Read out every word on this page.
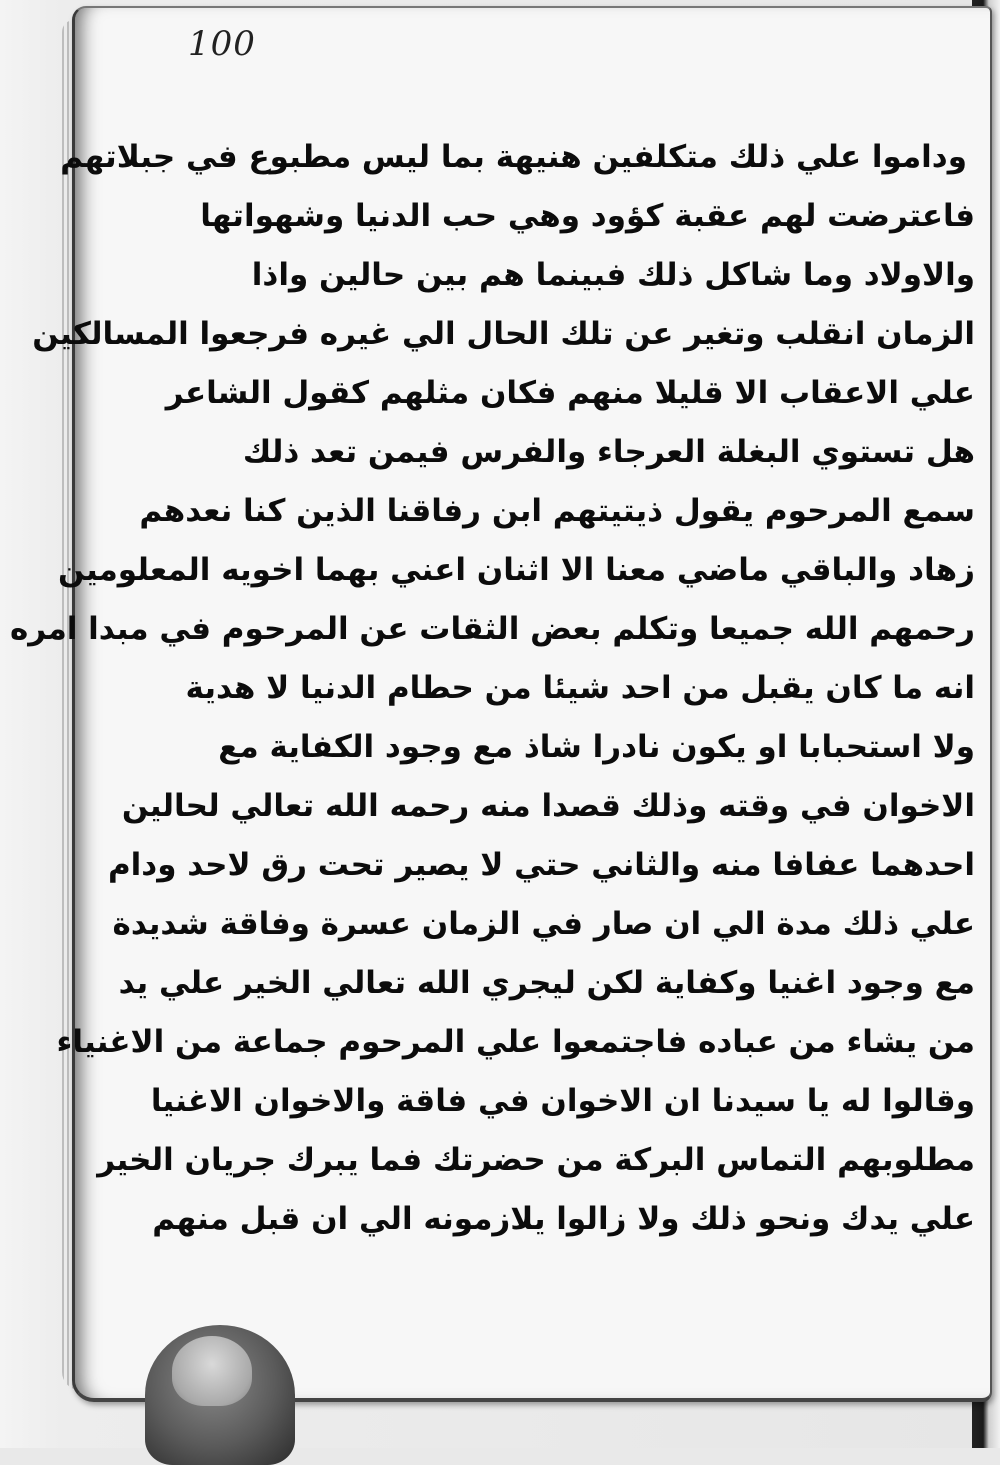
100
وداموا علي ذلك متكلفين هنيهة بما ليس مطبوع في جبلاتهم
فاعترضت لهم عقبة كؤود وهي حب الدنيا وشهواتها
والاولاد وما شاكل ذلك فبينما هم بين حالين واذا
الزمان انقلب وتغير عن تلك الحال الي غيره فرجعوا المسالكين
علي الاعقاب الا قليلا منهم فكان مثلهم كقول الشاعر
هل تستوي البغلة العرجاء والفرس فيمن تعد ذلك
سمع المرحوم يقول ذيتيتهم ابن رفاقنا الذين كنا نعدهم
زهاد والباقي ماضي معنا الا اثنان اعني بهما اخويه المعلومين
رحمهم الله جميعا وتكلم بعض الثقات عن المرحوم في مبدا امره
انه ما كان يقبل من احد شيئا من حطام الدنيا لا هدية
ولا استحبابا او يكون نادرا شاذ مع وجود الكفاية مع
الاخوان في وقته وذلك قصدا منه رحمه الله تعالي لحالين
احدهما عفافا منه والثاني حتي لا يصير تحت رق لاحد ودام
علي ذلك مدة الي ان صار في الزمان عسرة وفاقة شديدة
مع وجود اغنيا وكفاية لكن ليجري الله تعالي الخير علي يد
من يشاء من عباده فاجتمعوا علي المرحوم جماعة من الاغنياء
وقالوا له يا سيدنا ان الاخوان في فاقة والاخوان الاغنيا
مطلوبهم التماس البركة من حضرتك فما يبرك جريان الخير
علي يدك ونحو ذلك ولا زالوا يلازمونه الي ان قبل منهم
